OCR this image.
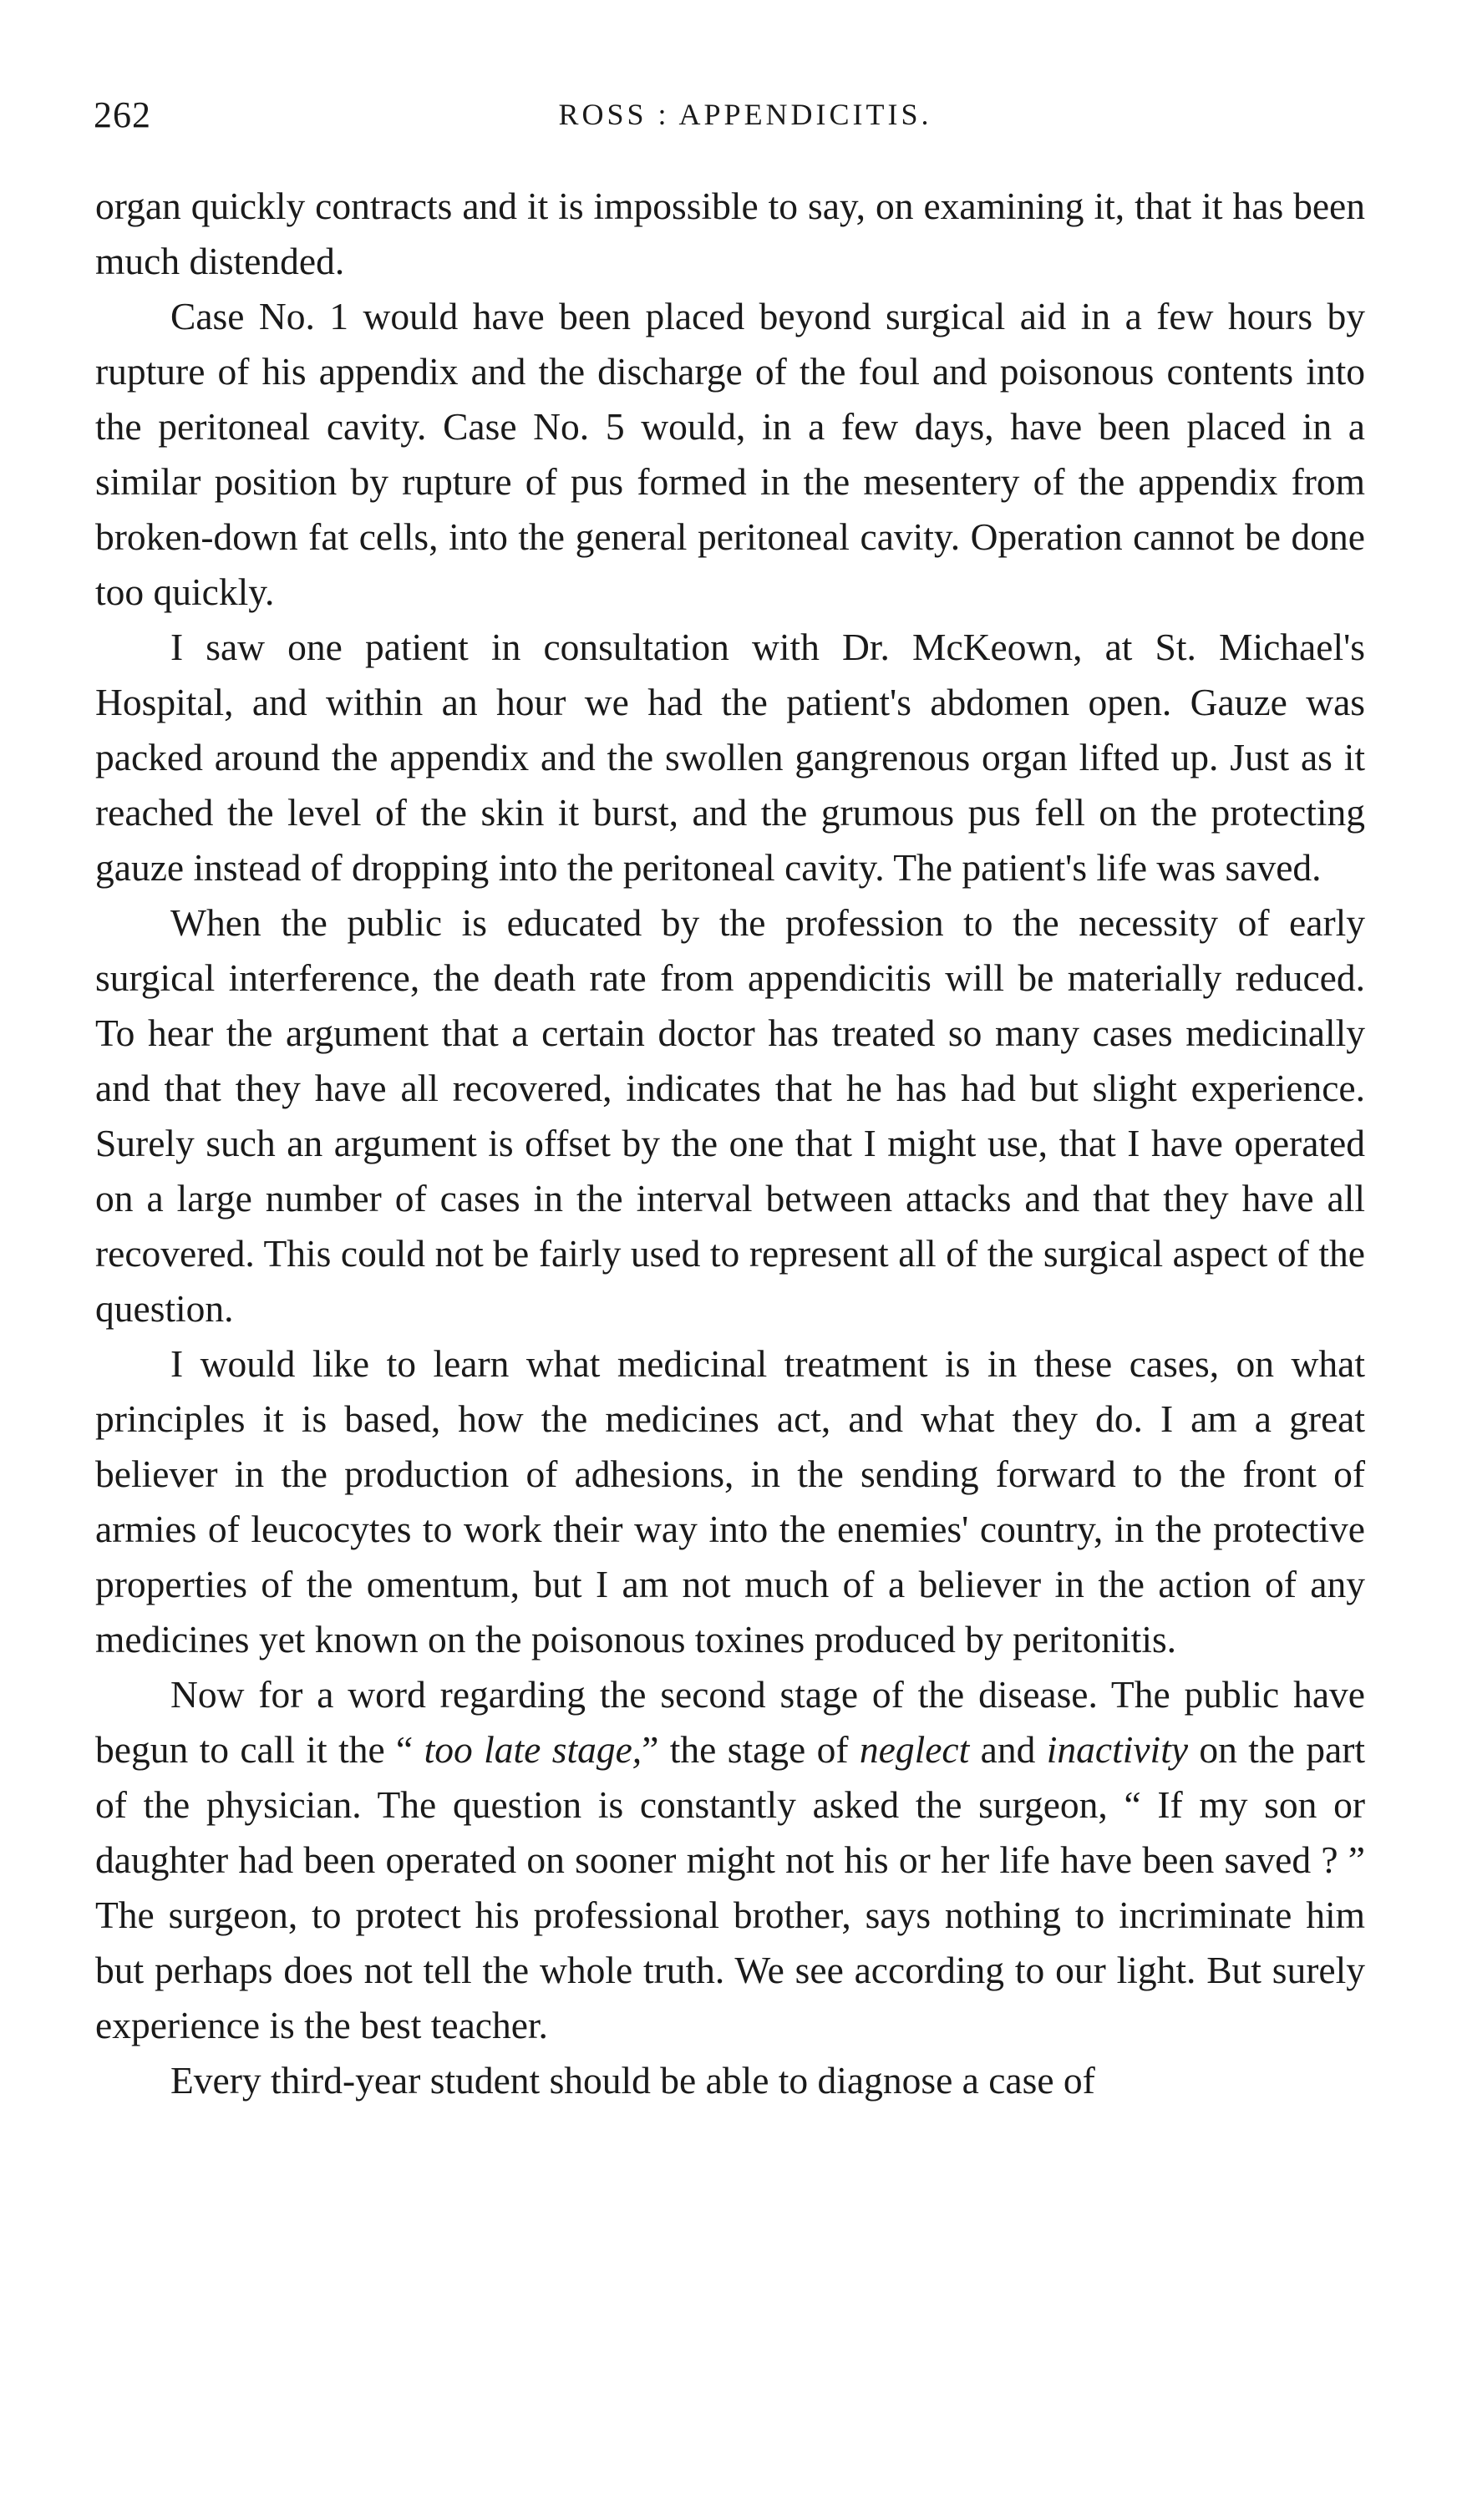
262	ROSS : APPENDICITIS.

organ quickly contracts and it is impossible to say, on examining it, that it has been much distended.

Case No. 1 would have been placed beyond surgical aid in a few hours by rupture of his appendix and the discharge of the foul and poisonous contents into the peritoneal cavity. Case No. 5 would, in a few days, have been placed in a similar position by rupture of pus formed in the mesentery of the appendix from broken-down fat cells, into the general peritoneal cavity. Operation cannot be done too quickly.

I saw one patient in consultation with Dr. McKeown, at St. Michael's Hospital, and within an hour we had the patient's abdomen open. Gauze was packed around the appendix and the swollen gangrenous organ lifted up. Just as it reached the level of the skin it burst, and the grumous pus fell on the protecting gauze instead of dropping into the peritoneal cavity. The patient's life was saved.

When the public is educated by the profession to the necessity of early surgical interference, the death rate from appendicitis will be materially reduced. To hear the argument that a certain doctor has treated so many cases medicinally and that they have all recovered, indicates that he has had but slight experience. Surely such an argument is offset by the one that I might use, that I have operated on a large number of cases in the interval between attacks and that they have all recovered. This could not be fairly used to represent all of the surgical aspect of the question.

I would like to learn what medicinal treatment is in these cases, on what principles it is based, how the medicines act, and what they do. I am a great believer in the production of adhesions, in the sending forward to the front of armies of leucocytes to work their way into the enemies' country, in the protective properties of the omentum, but I am not much of a believer in the action of any medicines yet known on the poisonous toxines produced by peritonitis.

Now for a word regarding the second stage of the disease. The public have begun to call it the “ too late stage,” the stage of neglect and inactivity on the part of the physician. The question is constantly asked the surgeon, “ If my son or daughter had been operated on sooner might not his or her life have been saved ? ” The surgeon, to protect his professional brother, says nothing to incriminate him but perhaps does not tell the whole truth. We see according to our light. But surely experience is the best teacher.

Every third-year student should be able to diagnose a case of
